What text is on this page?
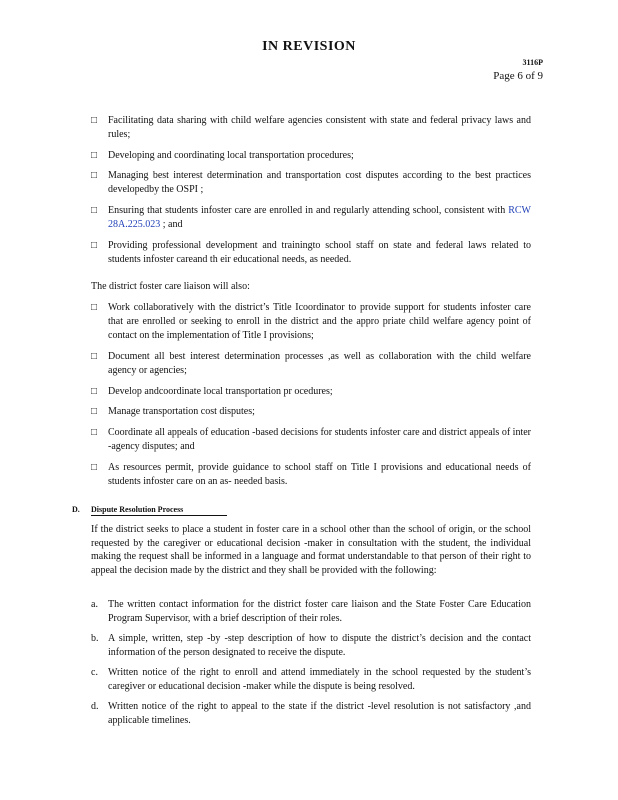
IN REVISION
3116P
Page 6 of 9
□	Facilitating data sharing with child welfare agencies consistent with state and federal privacy laws and rules;
□	Developing and coordinating local transportation procedures;
□	Managing best interest determination and transportation cost disputes according to the best practices developedby the OSPI ;
□	Ensuring that students infoster care are enrolled in and regularly attending school, consistent with RCW 28A.225.023 ; and
□	Providing professional development and trainingto school staff on state and federal laws related to students infoster careand th eir educational needs, as needed.
The district foster care liaison will also:
□	Work collaboratively with the district’s Title Icoordinator to provide support for students infoster care that are enrolled or seeking to enroll in the district and the appro priate child welfare agency point of contact on the implementation of Title I provisions;
□	Document all best interest determination processes ,as well as collaboration with the child welfare agency or agencies;
□	Develop andcoordinate local transportation pr ocedures;
□	Manage transportation cost disputes;
□	Coordinate all appeals of education -based decisions for students infoster care and district appeals of inter -agency disputes; and
□	As resources permit, provide guidance to school staff on Title I provisions and educational needs of students infoster care on an as- needed basis.
D. Dispute Resolution Process
If the district seeks to place a student in foster care in a school other than the school of origin, or the school requested by the caregiver or educational decision -maker in consultation with the student, the individual making the request shall be informed in a language and format understandable to that person of their right to appeal the decision made by the district and they shall be provided with the following:
a.	The written contact information for the district foster care liaison and the State Foster Care Education Program Supervisor, with a brief description of their roles.
b. A simple, written, step -by -step description of how to dispute the district’s decision and the contact information of the person designated to receive the dispute.
c.	Written notice of the right to enroll and attend immediately in the school requested by the student’s caregiver or educational decision -maker while the dispute is being resolved.
d. Written notice of the right to appeal to the state if the district -level resolution is not satisfactory ,and applicable timelines.
